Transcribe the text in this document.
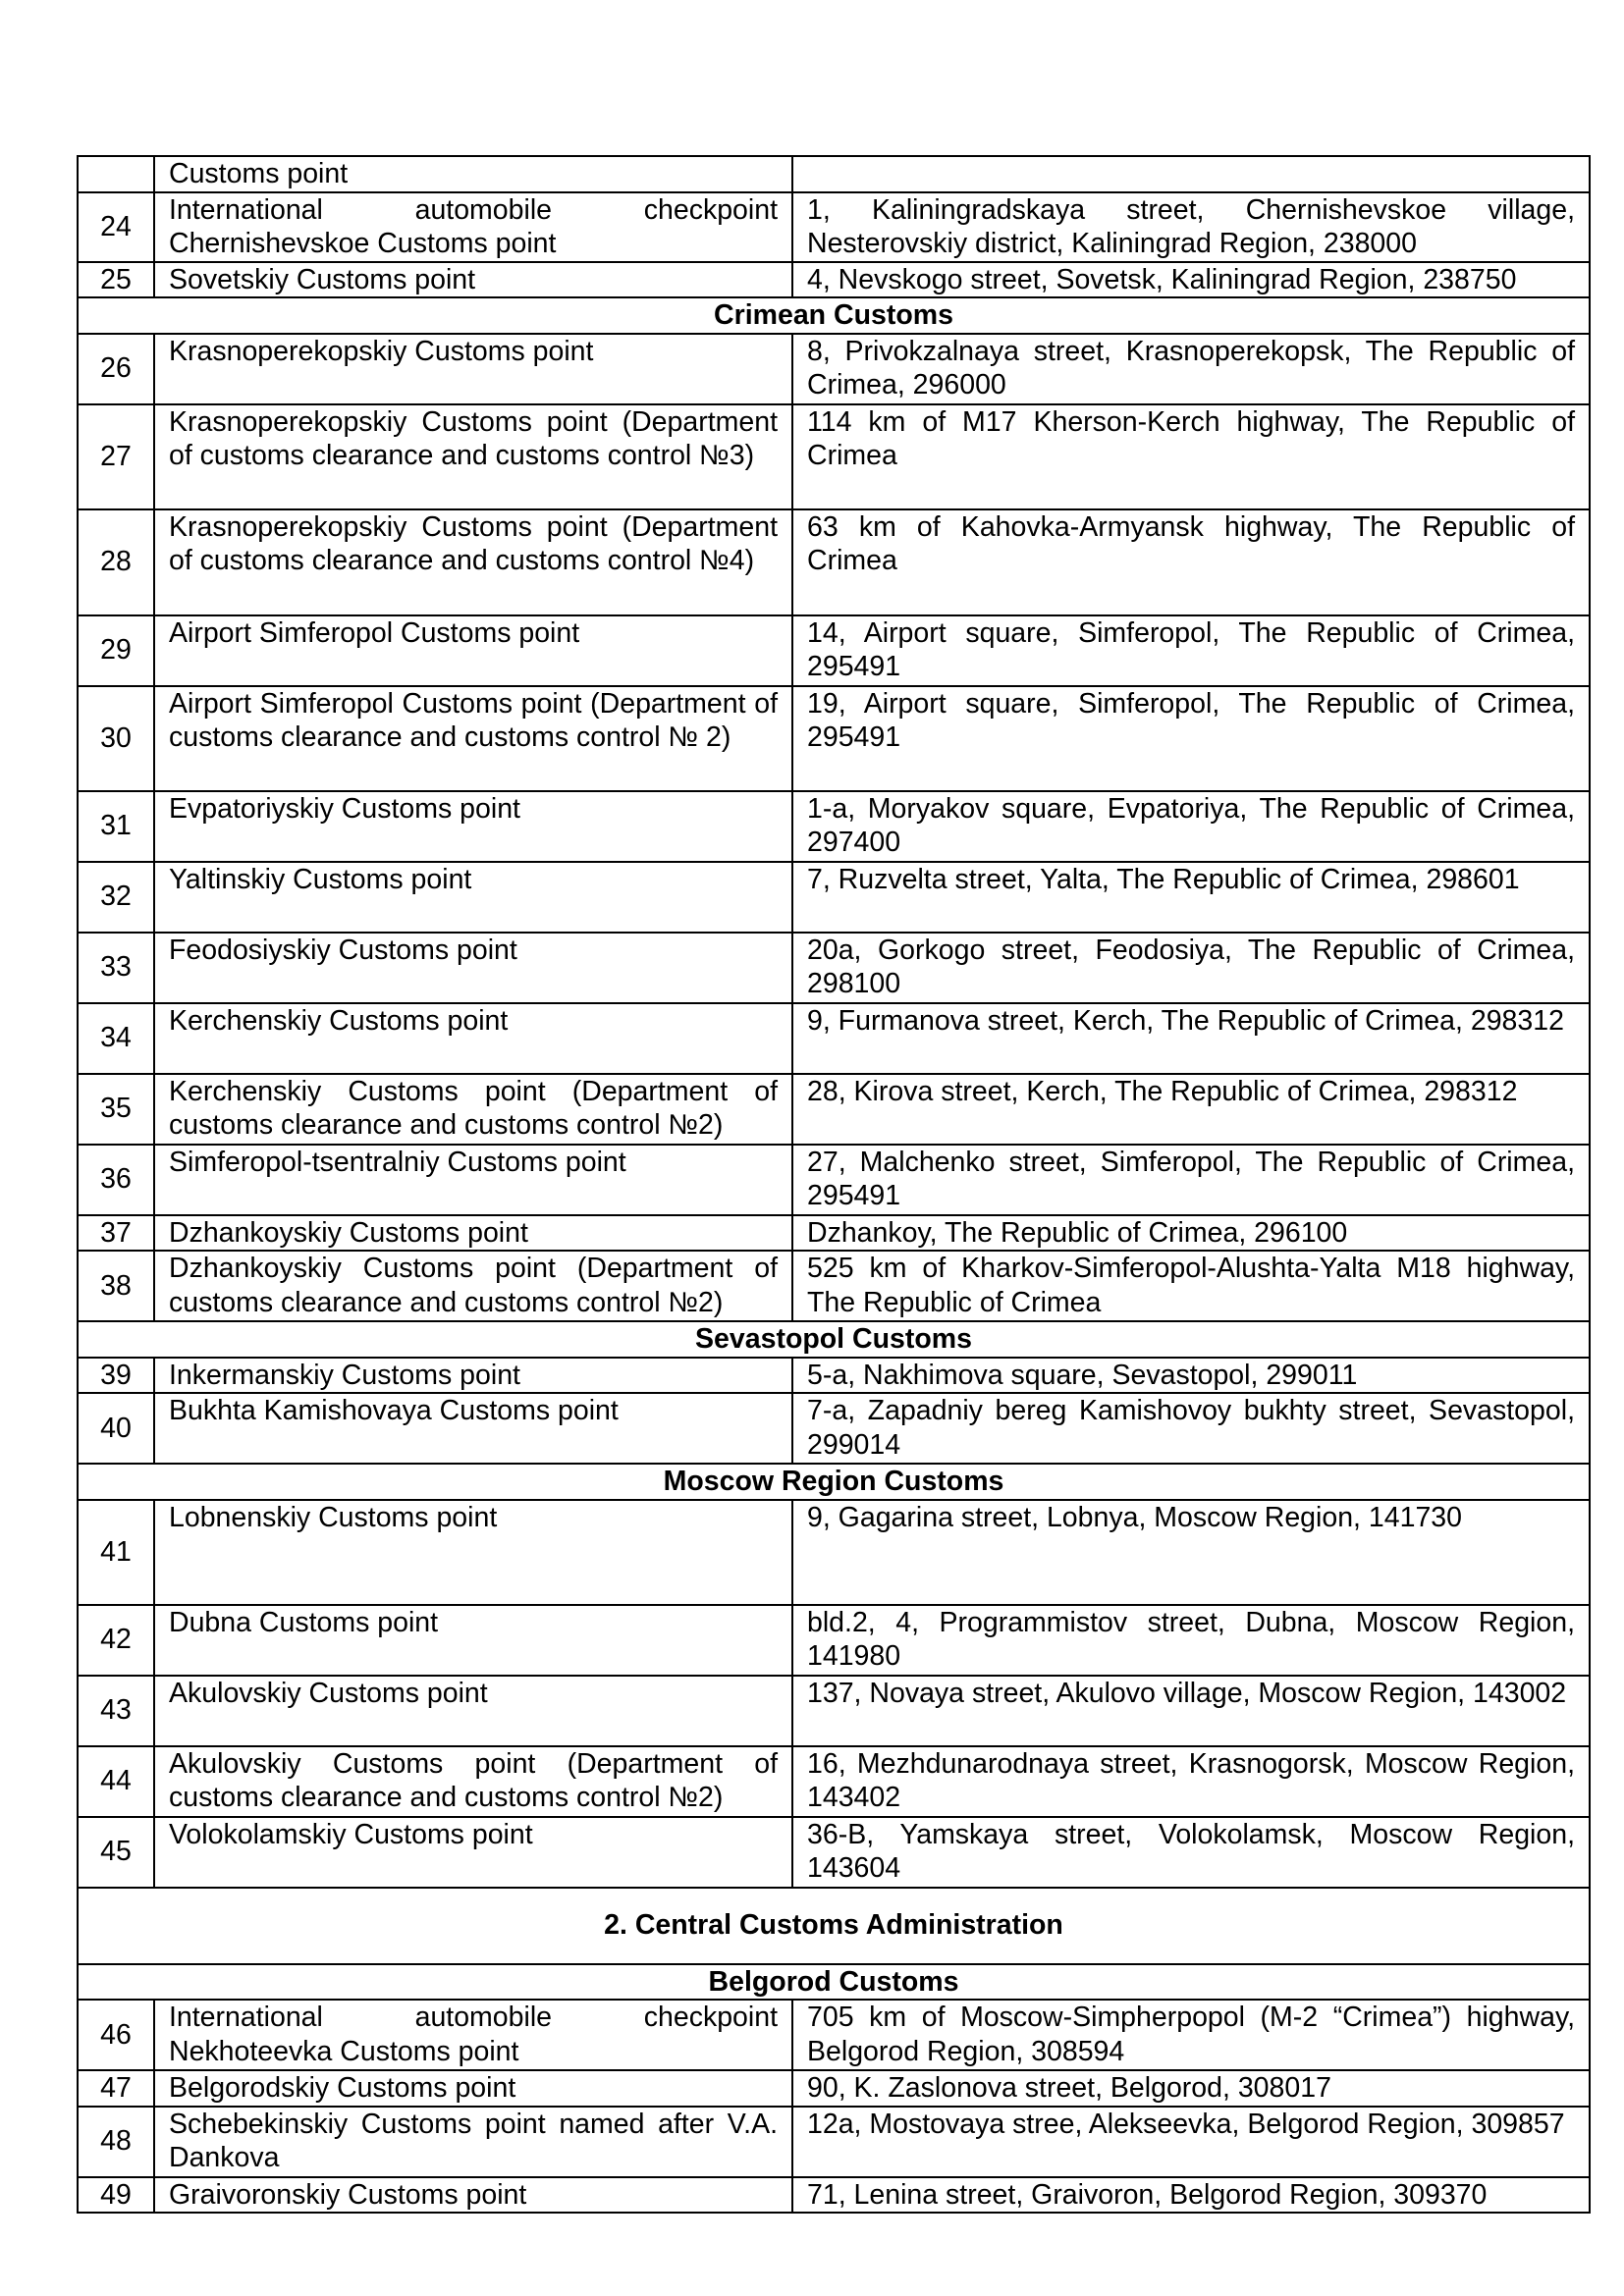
	Customs point	
24	International automobile checkpoint Chernishevskoe Customs point	1, Kaliningradskaya street, Chernishevskoe village, Nesterovskiy district, Kaliningrad Region, 238000
25	Sovetskiy Customs point	4, Nevskogo street, Sovetsk, Kaliningrad Region, 238750
Crimean Customs		
26	Krasnoperekopskiy Customs point	8, Privokzalnaya street, Krasnoperekopsk, The Republic of Crimea, 296000
27	Krasnoperekopskiy Customs point (Department of customs clearance and customs control №3)	114 km of M17 Kherson-Kerch highway, The Republic of Crimea
28	Krasnoperekopskiy Customs point (Department of customs clearance and customs control №4)	63 km of Kahovka-Armyansk highway, The Republic of Crimea
29	Airport Simferopol Customs point	14, Airport square, Simferopol, The Republic of Crimea, 295491
30	Airport Simferopol Customs point (Department of customs clearance and customs control № 2)	19, Airport square, Simferopol, The Republic of Crimea, 295491
31	Evpatoriyskiy Customs point	1-a, Moryakov square, Evpatoriya, The Republic of Crimea, 297400
32	Yaltinskiy Customs point	7, Ruzvelta street, Yalta, The Republic of Crimea, 298601
33	Feodosiyskiy Customs point	20a, Gorkogo street, Feodosiya, The Republic of Crimea, 298100
34	Kerchenskiy Customs point	9, Furmanova street, Kerch, The Republic of Crimea, 298312
35	Kerchenskiy Customs point (Department of customs clearance and customs control №2)	28, Kirova street, Kerch, The Republic of Crimea, 298312
36	Simferopol-tsentralniy Customs point	27, Malchenko street, Simferopol, The Republic of Crimea, 295491
37	Dzhankoyskiy Customs point	Dzhankoy, The Republic of Crimea, 296100
38	Dzhankoyskiy Customs point (Department of customs clearance and customs control №2)	525 km of Kharkov-Simferopol-Alushta-Yalta M18 highway, The Republic of Crimea
Sevastopol Customs		
39	Inkermanskiy Customs point	5-a, Nakhimova square, Sevastopol, 299011
40	Bukhta Kamishovaya Customs point	7-a, Zapadniy bereg Kamishovoy bukhty street, Sevastopol, 299014
Moscow Region Customs		
41	Lobnenskiy Customs point	9, Gagarina street, Lobnya, Moscow Region, 141730
42	Dubna Customs point	bld.2, 4, Programmistov street, Dubna, Moscow Region, 141980
43	Akulovskiy Customs point	137, Novaya street, Akulovo village, Moscow Region, 143002
44	Akulovskiy Customs point (Department of customs clearance and customs control №2)	16, Mezhdunarodnaya street, Krasnogorsk, Moscow Region, 143402
45	Volokolamskiy Customs point	36-B, Yamskaya street, Volokolamsk, Moscow Region, 143604
2. Central Customs Administration		
Belgorod Customs		
46	International automobile checkpoint Nekhoteevka Customs point	705 km of Moscow-Simpherpopol (M-2 “Crimea”) highway, Belgorod Region, 308594
47	Belgorodskiy Customs point	90, K. Zaslonova street, Belgorod, 308017
48	Schebekinskiy Customs point named after V.A. Dankova	12a, Mostovaya stree, Alekseevka, Belgorod Region, 309857
49	Graivoronskiy Customs point	71, Lenina street, Graivoron, Belgorod Region, 309370
